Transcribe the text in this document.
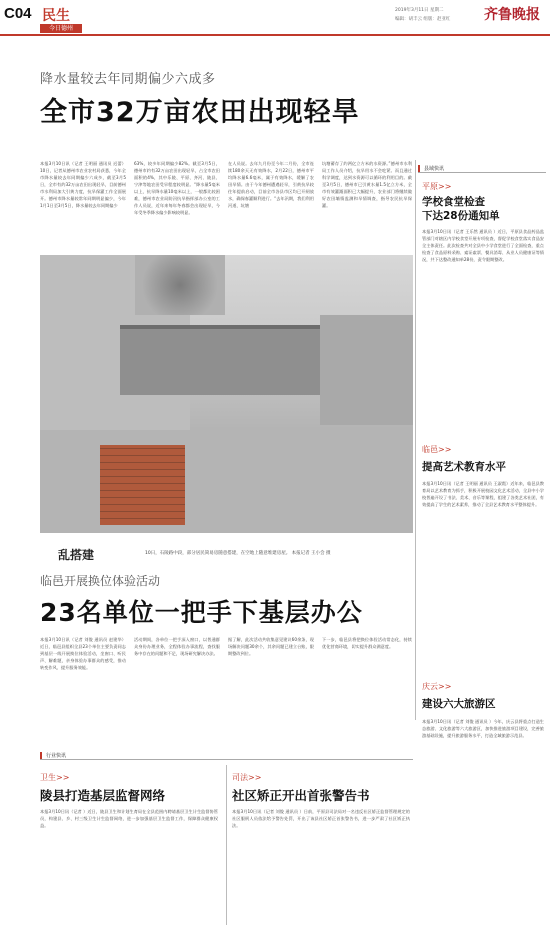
C04 民生
今日德州
2019年3月11日 星期二
编辑：胡丰云 组版：赵亚红 齐鲁晚报
降水量较去年同期偏少六成多
全市32万亩农田出现轻旱
本报3月10日讯（记者 王明丽 通讯员 迟蕾）10日，记者从德州市农业农村局获悉，今年全市降水量较去年同期偏少六成多，截至3月5日，全市有约32万亩农田出现轻旱，目前德州市水利局加大引黄力度，抗旱保灌工作全面展开。德州市降水量较常年同期明显偏少，今年1月1日至3月5日，降水量较去年同期偏少
63%，较多年同期偏少82%。截至3月5日，德州市约有32万亩农田出现轻旱，占全市农田面积的4%，其中乐陵、平原、齐河、陵县、宁津等地农田受旱程度较明显。“降水量5毫米以上，抗旱降水量10毫米以上，一般都比较困难，德州市农业局防汛抗旱指挥部办公室的工作人员说，近年来每年冬春都会出现轻旱，今年受冬季降水偏少影响较明显。
在人员说。去年九月份至今年二月份，全市连续180余天无有效降水，2月22日，德州市平均降水量6.6毫米，属于有效降水，缓解了农田旱情。由于今年德州遭遇轻旱，引黄抗旱较往年提前启动，目前全市各县市区均已开闸放水，确保春灌顺利进行。“去年汛期，我们利用河道、坑塘
坑塘蓄存了约两亿立方米的水资源。”德州市水利局工作人员介绍，抗旱用水不会吃紧。而且通过科学调度，达到水资源可以循环的利用目的。截至3月5日，德州市已引黄水量1.5亿立方米，全市有效灌溉面积已大幅提升，农业部门将继续做好农田墒情监测和旱情调查，指导农民抗旱保灌。
乱搭建	10日，石陵路中段，部分居民简易房随意搭建，在空地上随意堆建房屋。 本报记者 王小会 摄
县域快讯
平原>>
学校食堂检查
下达28份通知单
本报3月10日讯（记者 王乐然 通讯员 ）近日，平原县食品药品监管部门对辖区内学校食堂开展专项检查，督促学校食堂落实食品安全主体责任。此次检查共对全县中小学食堂进行了全面检查，重点检查了食品原料采购、索证索票、餐具消毒、从业人员健康证等情况，共下达整改通知单28份，责令限期整改。
临邑>>
提高艺术教育水平
本报3月10日讯（记者 王明丽 通讯员 王淑霞）近年来，临邑县教育局以艺术教育为抓手，积极开展校园文化艺术活动，全县中小学校普遍开设了书法、美术、音乐等课程，组建了各类艺术社团，有效提高了学生的艺术素养，推动了全县艺术教育水平整体提升。
庆云>>
建设六大旅游区
本报3月10日讯（记者 刘俊 通讯员 ）今年，庆云县将重点打造生态旅游、文化旅游等六大旅游区，加快推进旅游项目建设，完善旅游基础设施，提升旅游服务水平，打造全域旅游示范县。
临邑开展换位体验活动
23名单位一把手下基层办公
本报3月10日讯（记者 刘俊 通讯员 赵建华）近日，临邑县组织全县23个单位主要负责同志到基层一线开展换位体验活动，坐窗口、听民声、解难题，亲身体验办事群众的感受，推动转变作风、提升服务效能。
活动期间，各单位一把手深入窗口，以普通群众身份办理业务，全程体验办事流程，查找服务中存在的问题和不足，现场研究解决办法。
据了解，此次活动共收集意见建议60余条，现场解决问题30余个，其余问题已建立台账，限期整改到位。
下一步，临邑县将把换位体验活动常态化，持续优化营商环境，切实提升群众满意度。
行业快讯
卫生>>
陵县打造基层监督网络
本报3月10日讯（记者 ）近日，陵县卫生和计划生育局在全县范围内聘请基层卫生计生监督协管员，构建县、乡、村三级卫生计生监督网络，进一步加强基层卫生监督工作，保障群众健康权益。
司法>>
社区矫正开出首张警告书
本报3月10日讯（记者 刘俊 通讯员 ）日前，平原县司法局对一名违反社区矫正监督管理规定的社区服刑人员依法给予警告处罚，开出了该县社区矫正首张警告书，进一步严肃了社区矫正执法。
